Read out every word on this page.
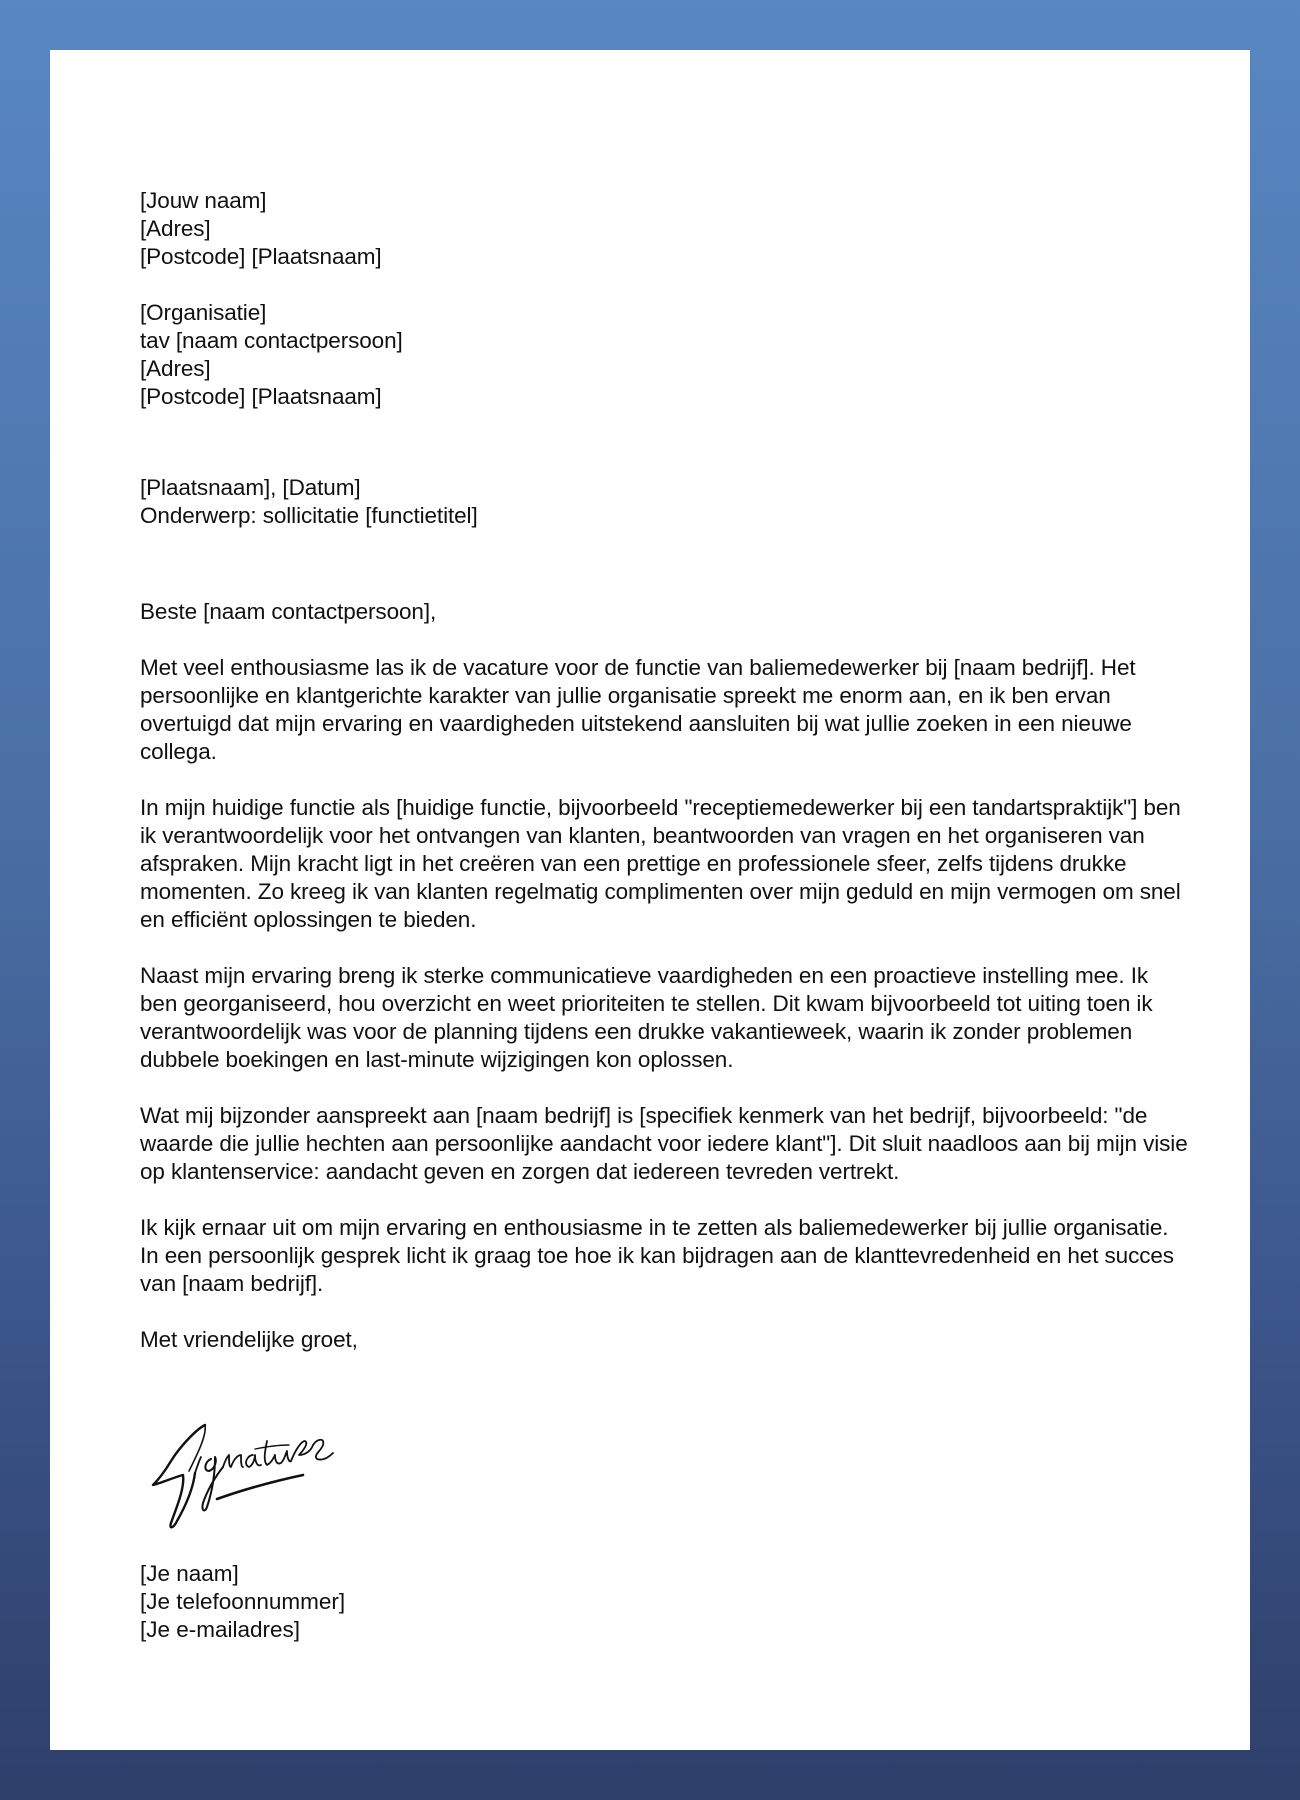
[Jouw naam]
[Adres]
[Postcode] [Plaatsnaam]
[Organisatie]
tav [naam contactpersoon]
[Adres]
[Postcode] [Plaatsnaam]
[Plaatsnaam], [Datum]
Onderwerp: sollicitatie [functietitel]

Beste [naam contactpersoon],

Met veel enthousiasme las ik de vacature voor de functie van baliemedewerker bij [naam bedrijf]. Het persoonlijke en klantgerichte karakter van jullie organisatie spreekt me enorm aan, en ik ben ervan overtuigd dat mijn ervaring en vaardigheden uitstekend aansluiten bij wat jullie zoeken in een nieuwe collega.

In mijn huidige functie als [huidige functie, bijvoorbeeld "receptiemedewerker bij een tandartspraktijk"] ben ik verantwoordelijk voor het ontvangen van klanten, beantwoorden van vragen en het organiseren van afspraken. Mijn kracht ligt in het creëren van een prettige en professionele sfeer, zelfs tijdens drukke momenten. Zo kreeg ik van klanten regelmatig complimenten over mijn geduld en mijn vermogen om snel en efficiënt oplossingen te bieden.

Naast mijn ervaring breng ik sterke communicatieve vaardigheden en een proactieve instelling mee. Ik ben georganiseerd, hou overzicht en weet prioriteiten te stellen. Dit kwam bijvoorbeeld tot uiting toen ik verantwoordelijk was voor de planning tijdens een drukke vakantieweek, waarin ik zonder problemen dubbele boekingen en last-minute wijzigingen kon oplossen.

Wat mij bijzonder aanspreekt aan [naam bedrijf] is [specifiek kenmerk van het bedrijf, bijvoorbeeld: "de waarde die jullie hechten aan persoonlijke aandacht voor iedere klant"]. Dit sluit naadloos aan bij mijn visie op klantenservice: aandacht geven en zorgen dat iedereen tevreden vertrekt.

Ik kijk ernaar uit om mijn ervaring en enthousiasme in te zetten als baliemedewerker bij jullie organisatie. In een persoonlijk gesprek licht ik graag toe hoe ik kan bijdragen aan de klanttevredenheid en het succes van [naam bedrijf].

Met vriendelijke groet,

[Je naam]
[Je telefoonnummer]
[Je e-mailadres]
